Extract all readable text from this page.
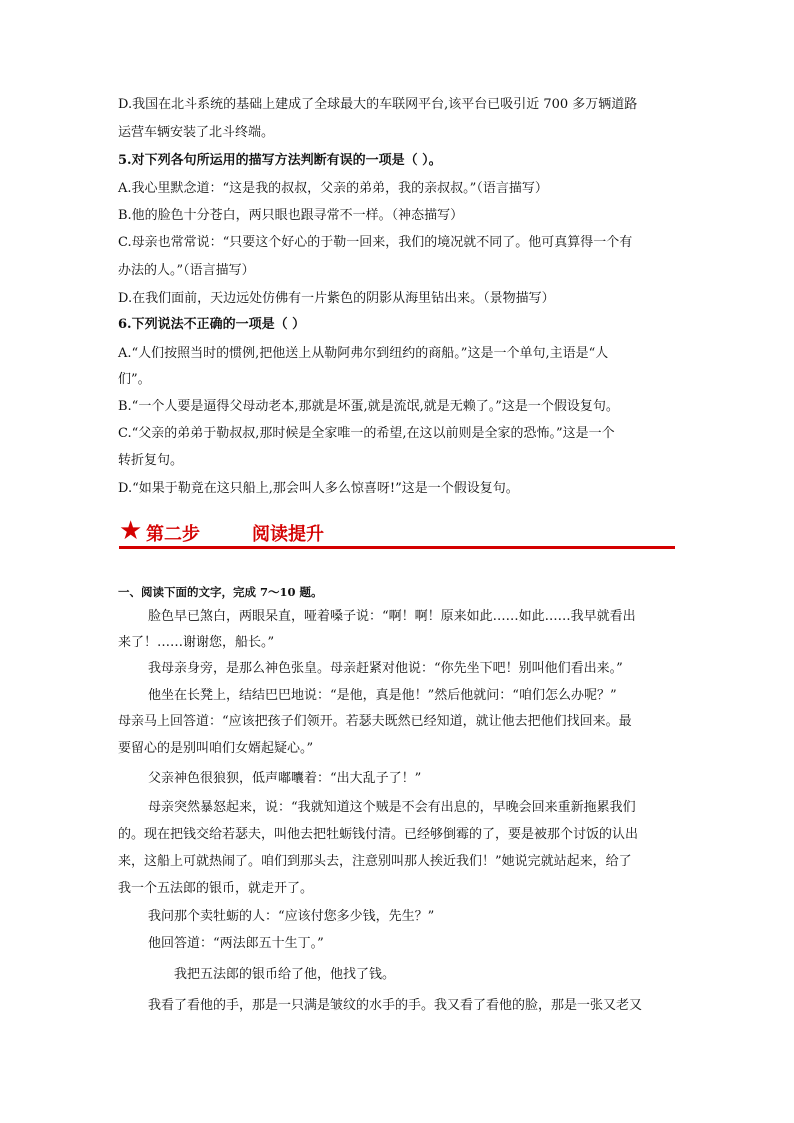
D.我国在北斗系统的基础上建成了全球最大的车联网平台,该平台已吸引近 700 多万辆道路
运营车辆安装了北斗终端。
5.对下列各句所运用的描写方法判断有误的一项是（ ）。
A.我心里默念道：“这是我的叔叔，父亲的弟弟，我的亲叔叔。”（语言描写）
B.他的脸色十分苍白，两只眼也跟寻常不一样。（神态描写）
C.母亲也常常说：“只要这个好心的于勒一回来，我们的境况就不同了。他可真算得一个有
办法的人。”（语言描写）
D.在我们面前，天边远处仿佛有一片紫色的阴影从海里钻出来。（景物描写）
6.下列说法不正确的一项是（ ）
A.“人们按照当时的惯例,把他送上从勒阿弗尔到纽约的商船。”这是一个单句,主语是“人
们”。
B.“一个人要是逼得父母动老本,那就是坏蛋,就是流氓,就是无赖了。”这是一个假设复句。
C.“父亲的弟弟于勒叔叔,那时候是全家唯一的希望,在这以前则是全家的恐怖。”这是一个
转折复句。
D.“如果于勒竟在这只船上,那会叫人多么惊喜呀!”这是一个假设复句。
★ 第二步	阅读提升
一、阅读下面的文字，完成 7～10 题。
脸色早已煞白，两眼呆直，哑着嗓子说：“啊！啊！原来如此……如此……我早就看出
来了！……谢谢您，船长。”
我母亲身旁，是那么神色张皇。母亲赶紧对他说：“你先坐下吧！别叫他们看出来。”
他坐在长凳上，结结巴巴地说：“是他，真是他！”然后他就问：“咱们怎么办呢？”
母亲马上回答道：“应该把孩子们领开。若瑟夫既然已经知道，就让他去把他们找回来。最
要留心的是别叫咱们女婿起疑心。”
父亲神色很狼狈，低声嘟囔着：“出大乱子了！”
母亲突然暴怒起来，说：“我就知道这个贼是不会有出息的，早晚会回来重新拖累我们
的。现在把钱交给若瑟夫，叫他去把牡蛎钱付清。已经够倒霉的了，要是被那个讨饭的认出
来，这船上可就热闹了。咱们到那头去，注意别叫那人挨近我们！”她说完就站起来，给了
我一个五法郎的银币，就走开了。
我问那个卖牡蛎的人：“应该付您多少钱，先生？”
他回答道：“两法郎五十生丁。”
我把五法郎的银币给了他，他找了钱。
我看了看他的手，那是一只满是皱纹的水手的手。我又看了看他的脸，那是一张又老又
